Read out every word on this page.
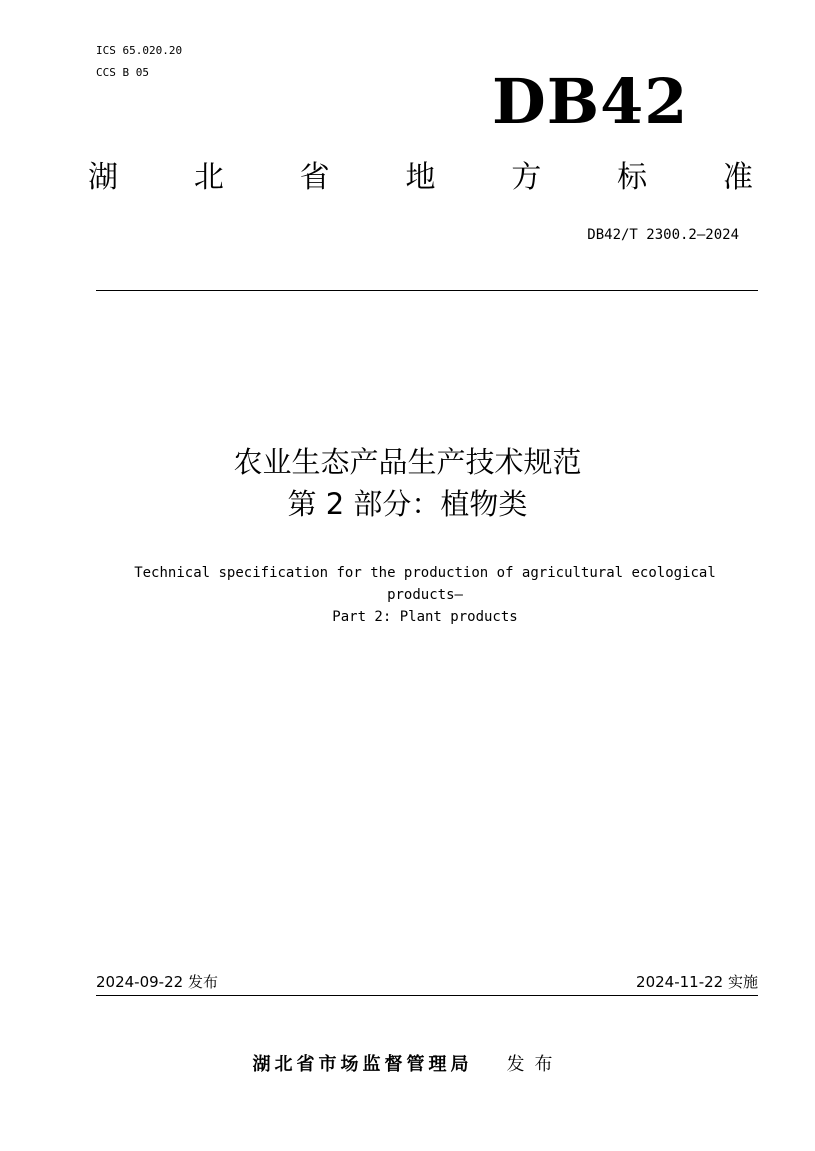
ICS 65.020.20
CCS B 05	DB42
湖	北	省	地	方	标	准
DB42/T 2300.2—2024
农业生态产品生产技术规范
第 2 部分：植物类
Technical specification for the production of agricultural ecological
products—
Part 2: Plant products
2024-09-22 发布	2024-11-22 实施
湖北省市场监督管理局 发布
